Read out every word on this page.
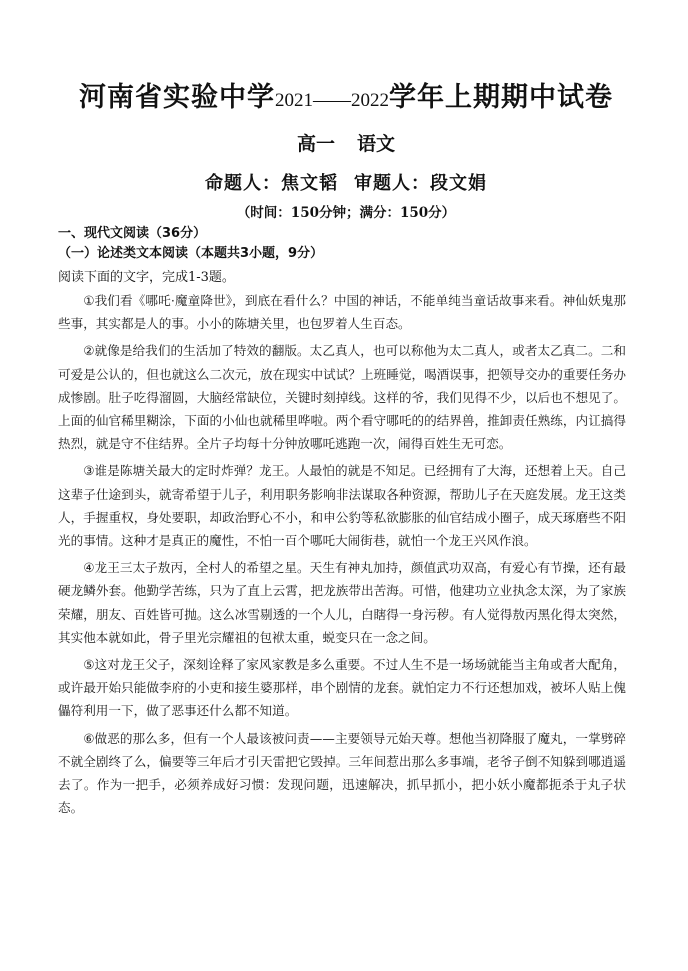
河南省实验中学2021——2022学年上期期中试卷
高一 语文
命题人：焦文韬 审题人：段文娟
（时间：150分钟；满分：150分）
一、现代文阅读（36分）
（一）论述类文本阅读（本题共3小题，9分）
阅读下面的文字，完成1-3题。

①我们看《哪吒·魔童降世》，到底在看什么？中国的神话，不能单纯当童话故事来看。神仙妖鬼那些事，其实都是人的事。小小的陈塘关里，也包罗着人生百态。

②就像是给我们的生活加了特效的翻版。太乙真人，也可以称他为太二真人，或者太乙真二。二和可爱是公认的，但也就这么二次元，放在现实中试试？上班睡觉，喝酒误事，把领导交办的重要任务办成惨剧。肚子吃得溜圆，大脑经常缺位，关键时刻掉线。这样的爷，我们见得不少，以后也不想见了。上面的仙官稀里糊涂，下面的小仙也就稀里哗啦。两个看守哪吒的的结界兽，推卸责任熟练，内讧搞得热烈，就是守不住结界。全片子均每十分钟放哪吒逃跑一次，闹得百姓生无可恋。

③谁是陈塘关最大的定时炸弹？龙王。人最怕的就是不知足。已经拥有了大海，还想着上天。自己这辈子仕途到头，就寄希望于儿子，利用职务影响非法谋取各种资源，帮助儿子在天庭发展。龙王这类人，手握重权，身处要职，却政治野心不小，和申公豹等私欲膨胀的仙官结成小圈子，成天琢磨些不阳光的事情。这种才是真正的魔性，不怕一百个哪吒大闹街巷，就怕一个龙王兴风作浪。

④龙王三太子敖丙，全村人的希望之星。天生有神丸加持，颜值武功双高，有爱心有节操，还有最硬龙鳞外套。他勤学苦练，只为了直上云霄，把龙族带出苦海。可惜，他建功立业执念太深，为了家族荣耀，朋友、百姓皆可抛。这么冰雪剔透的一个人儿，白瞎得一身污秽。有人觉得敖丙黑化得太突然，其实他本就如此，骨子里光宗耀祖的包袱太重，蜕变只在一念之间。

⑤这对龙王父子，深刻诠释了家风家教是多么重要。不过人生不是一场场就能当主角或者大配角，或许最开始只能做李府的小吏和接生婆那样，串个剧情的龙套。就怕定力不行还想加戏，被坏人贴上傀儡符利用一下，做了恶事还什么都不知道。

⑥做恶的那么多，但有一个人最该被问责——主要领导元始天尊。想他当初降服了魔丸，一掌劈碎不就全剧终了么，偏要等三年后才引天雷把它毁掉。三年间惹出那么多事端，老爷子倒不知躲到哪逍遥去了。作为一把手，必须养成好习惯：发现问题，迅速解决，抓早抓小，把小妖小魔都扼杀于丸子状态。
